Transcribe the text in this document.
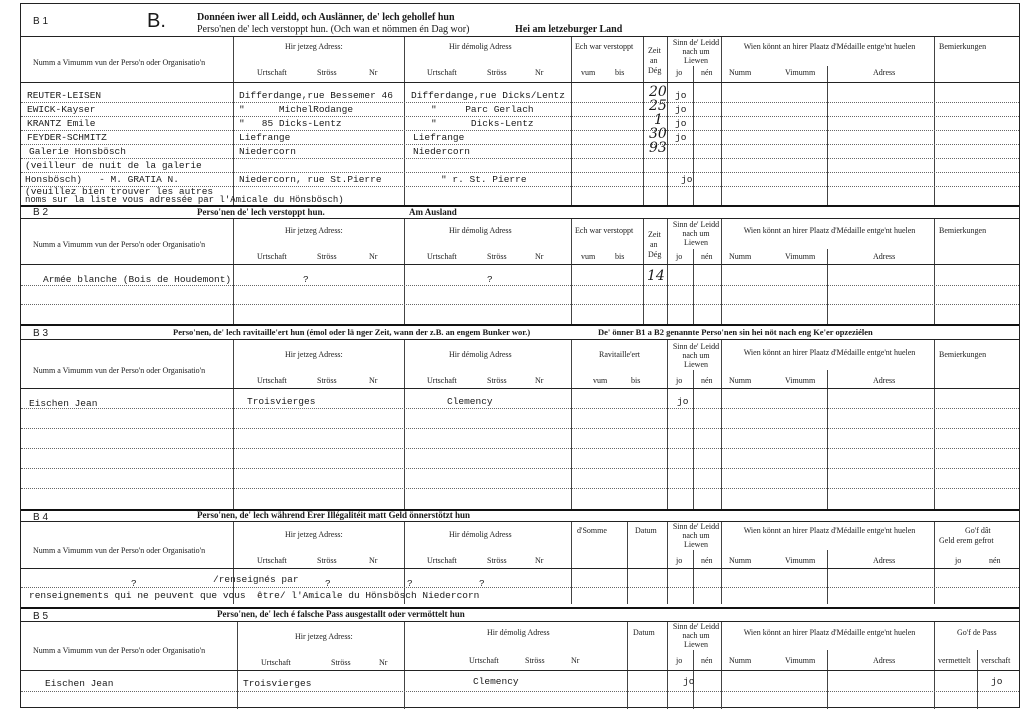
B 1	B.	Donnéen iwer all Leidd, och Auslänner, de' lech gehollef hun
Perso'nen de' lech verstoppt hun. (Och wan et nömmen én Dag wor)	Hei am letzeburger Land
Numm a Vimumm vun der Perso'n oder Organisatio'n
Hir jetzeg Adress:
Urtschaft	Ströss	Nr
Hir démolig Adress
Urtschaft	Ströss	Nr
Ech war verstoppt
vum bis
Zeit
an
Dég
Sinn de' Leidd nach um Liewen
jo nén
Wien könnt an hirer Plaatz d'Médaille entge'nt huelen
Numm	Vimumm	Adress
Bemierkungen
REUTER-LEISEN	Differdange,rue Bessemer 46 Differdange,rue Dicks/Lentz	20 jo
EWICK-Kayser	"      MichelRodange	"     Parc Gerlach	25 jo
KRANTZ Emile	"   85 Dicks-Lentz	"      Dicks-Lentz	1 jo
FEYDER-SCHMITZ	Liefrange	Liefrange	30 jo
Galerie Honsbösch	Niedercorn	Niedercorn	93
(veilleur de nuit de la galerie
Honsbösch)   - M. GRATIA N.	Niedercorn, rue St.Pierre	" r. St. Pierre	jo
(veuillez bien trouver les autres
noms sur la liste vous adressée par l'Amicale du Hönsbösch)
B 2	Perso'nen de' lech verstoppt hun.	Am Ausland
Numm a Vimumm vun der Perso'n oder Organisatio'n
Hir jetzeg Adress:
Urtschaft	Ströss	Nr
Hir démolig Adress
Urtschaft	Ströss	Nr
Ech war verstoppt
vum bis
Zeit
an
Dég
Sinn de' Leidd nach um Liewen
jo nén
Wien könnt an hirer Plaatz d'Médaille entge'nt huelen
Numm	Vimumm	Adress
Bemierkungen
Armée blanche (Bois de Houdemont)	?	?	14
B 3	Perso'nen, de' lech ravitaille'ert hun (émol oder lä nger Zeit, wann der z.B. an engem Bunker wor.)	De' önner B1 a B2 genannte Perso'nen sin hei nöt nach eng Ke'er opzeziélen
Numm a Vimumm vun der Perso'n oder Organisatio'n
Hir jetzeg Adress:
Urtschaft	Ströss	Nr
Hir démolig Adress
Urtschaft	Ströss	Nr
Ravitaille'ert
vum	bis
Sinn de' Leidd nach um Liewen
jo nén
Wien könnt an hirer Plaatz d'Médaille entge'nt huelen
Numm	Vimumm	Adress
Bemierkungen
Eischen Jean	Troisvierges	Clemency	jo
B 4	Perso'nen, de' lech während Erer Illégalitéit matt Geld önnerstötzt hun
Numm a Vimumm vun der Perso'n oder Organisatio'n
Hir jetzeg Adress:
Urtschaft	Ströss	Nr
Hir démolig Adress
Urtschaft	Ströss	Nr
d'Somme	Datum Sinn de' Leidd nach um Liewen
jo nén
Wien könnt an hirer Plaatz d'Médaille entge'nt huelen
Numm	Vimumm	Adress
Go'f dât
Geld erem gefrot
jo	nén
?	/renseignés par	?	?	?
renseignements qui ne peuvent que vous  être/ l'Amicale du Hönsbösch Niedercorn
B 5	Perso'nen, de' lech é falsche Pass ausgestallt oder vermöttelt hun
Numm a Vimumm vun der Perso'n oder Organisatio'n
Hir jetzeg Adress:
Urtschaft	Ströss	Nr
Hir démolig Adress
Urtschaft	Ströss	Nr
Datum
Sinn de' Leidd nach um Liewen
jo nén
Wien könnt an hirer Plaatz d'Médaille entge'nt huelen
Numm	Vimumm	Adress
Go'f de Pass
vermettelt verschaft
Eischen Jean	Troisvierges	Clemency	jo	jo
